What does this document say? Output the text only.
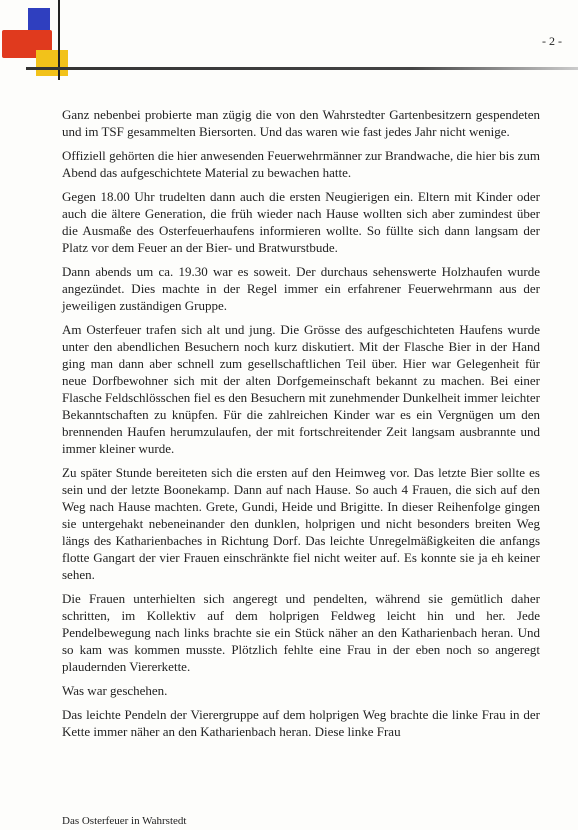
- 2 -

Ganz nebenbei probierte man zügig die von den Wahrstedter Gartenbesitzern gespendeten und im TSF gesammelten Biersorten. Und das waren wie fast jedes Jahr nicht wenige.

Offiziell gehörten die hier anwesenden Feuerwehrmänner zur Brandwache, die hier bis zum Abend das aufgeschichtete Material zu bewachen hatte.

Gegen 18.00 Uhr trudelten dann auch die ersten Neugierigen ein. Eltern mit Kinder oder auch die ältere Generation, die früh wieder nach Hause wollten sich aber zumindest über die Ausmaße des Osterfeuerhaufens informieren wollte. So füllte sich dann langsam der Platz vor dem Feuer an der Bier- und Bratwurstbude.

Dann abends um ca. 19.30 war es soweit. Der durchaus sehenswerte Holzhaufen wurde angezündet. Dies machte in der Regel immer ein erfahrener Feuerwehrmann aus der jeweiligen zuständigen Gruppe.

Am Osterfeuer trafen sich alt und jung. Die Grösse des aufgeschichteten Haufens wurde unter den abendlichen Besuchern noch kurz diskutiert. Mit der Flasche Bier in der Hand ging man dann aber schnell zum gesellschaftlichen Teil über. Hier war Gelegenheit für neue Dorfbewohner sich mit der alten Dorfgemeinschaft bekannt zu machen. Bei einer Flasche Feldschlösschen fiel es den Besuchern mit zunehmender Dunkelheit immer leichter Bekanntschaften zu knüpfen. Für die zahlreichen Kinder war es ein Vergnügen um den brennenden Haufen herumzulaufen, der mit fortschreitender Zeit langsam ausbrannte und immer kleiner wurde.

Zu später Stunde bereiteten sich die ersten auf den Heimweg vor. Das letzte Bier sollte es sein und der letzte Boonekamp. Dann auf nach Hause. So auch 4 Frauen, die sich auf den Weg nach Hause machten. Grete, Gundi, Heide und Brigitte. In dieser Reihenfolge gingen sie untergehakt nebeneinander den dunklen, holprigen und nicht besonders breiten Weg längs des Katharienbaches in Richtung Dorf. Das leichte Unregelmäßigkeiten die anfangs flotte Gangart der vier Frauen einschränkte fiel nicht weiter auf. Es konnte sie ja eh keiner sehen.

Die Frauen unterhielten sich angeregt und pendelten, während sie gemütlich daher schritten, im Kollektiv auf dem holprigen Feldweg leicht hin und her. Jede Pendelbewegung nach links brachte sie ein Stück näher an den Katharienbach heran. Und so kam was kommen musste. Plötzlich fehlte eine Frau in der eben noch so angeregt plaudernden Viererkette.

Was war geschehen.

Das leichte Pendeln der Vierergruppe auf dem holprigen Weg brachte die linke Frau in der Kette immer näher an den Katharienbach heran. Diese linke Frau

Das Osterfeuer in Wahrstedt
